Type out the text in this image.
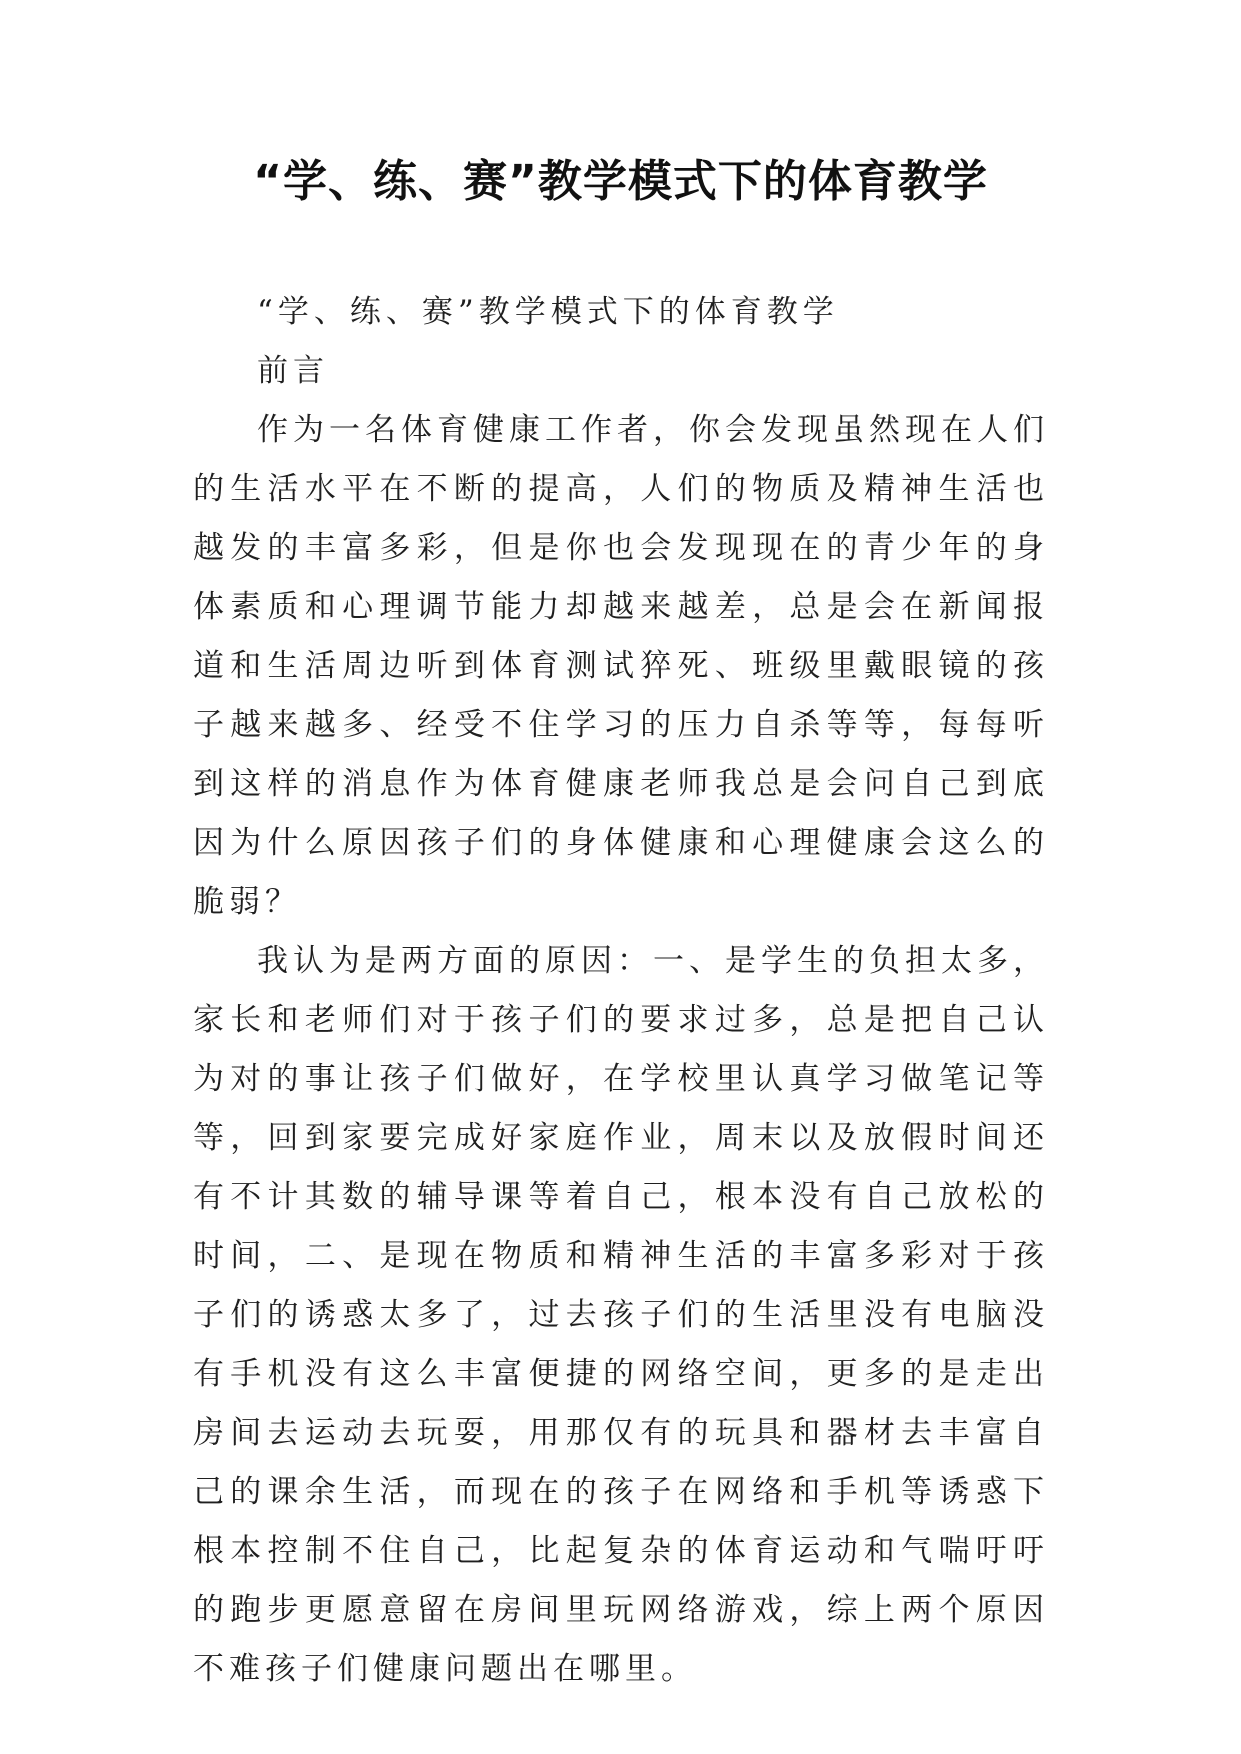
“学、练、赛”教学模式下的体育教学

“学、练、赛”教学模式下的体育教学

前言

作为一名体育健康工作者，你会发现虽然现在人们的生活水平在不断的提高，人们的物质及精神生活也越发的丰富多彩，但是你也会发现现在的青少年的身体素质和心理调节能力却越来越差，总是会在新闻报道和生活周边听到体育测试猝死、班级里戴眼镜的孩子越来越多、经受不住学习的压力自杀等等，每每听到这样的消息作为体育健康老师我总是会问自己到底因为什么原因孩子们的身体健康和心理健康会这么的脆弱？

我认为是两方面的原因：一、是学生的负担太多，家长和老师们对于孩子们的要求过多，总是把自己认为对的事让孩子们做好，在学校里认真学习做笔记等等，回到家要完成好家庭作业，周末以及放假时间还有不计其数的辅导课等着自己，根本没有自己放松的时间，二、是现在物质和精神生活的丰富多彩对于孩子们的诱惑太多了，过去孩子们的生活里没有电脑没有手机没有这么丰富便捷的网络空间，更多的是走出房间去运动去玩耍，用那仅有的玩具和器材去丰富自己的课余生活，而现在的孩子在网络和手机等诱惑下根本控制不住自己，比起复杂的体育运动和气喘吁吁的跑步更愿意留在房间里玩网络游戏，综上两个原因不难孩子们健康问题出在哪里。
